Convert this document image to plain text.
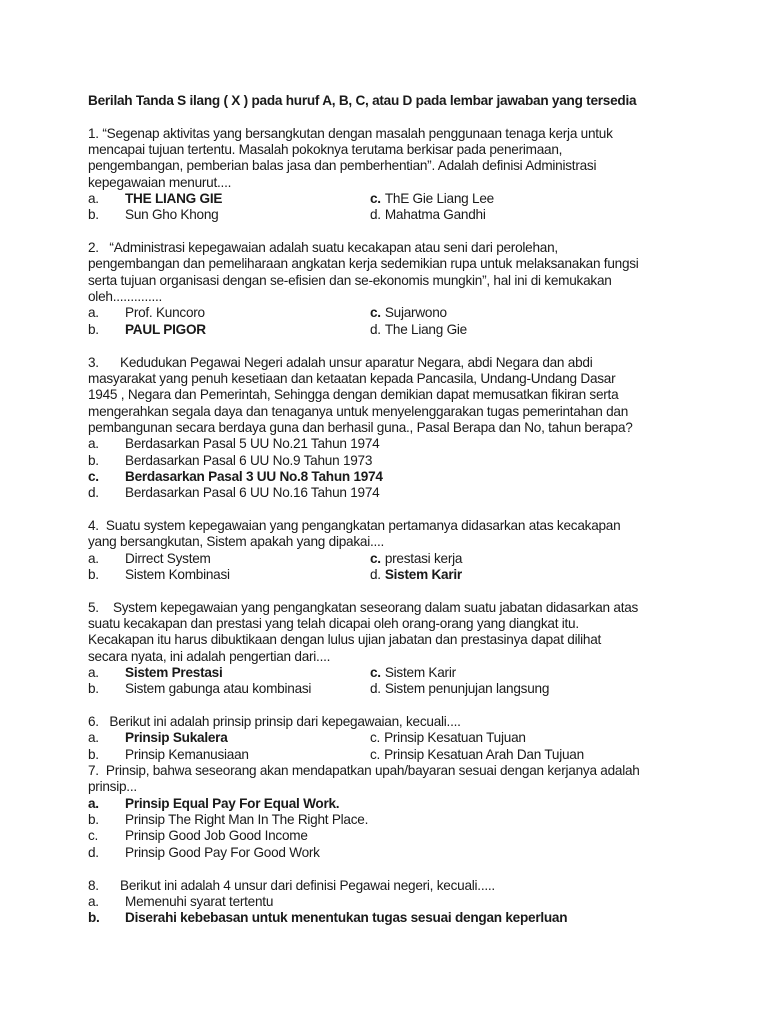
Berilah Tanda S ilang ( X ) pada huruf A, B, C, atau D pada lembar jawaban yang tersedia
1. “Segenap aktivitas yang bersangkutan dengan masalah penggunaan tenaga kerja untuk
mencapai tujuan tertentu. Masalah pokoknya terutama berkisar pada penerimaan,
pengembangan, pemberian balas jasa dan pemberhentian”. Adalah definisi Administrasi
kepegawaian menurut....
a.	THE LIANG GIE	c. ThE Gie Liang Lee
b.	Sun Gho Khong	d. Mahatma Gandhi
2.   “Administrasi kepegawaian adalah suatu kecakapan atau seni dari perolehan,
pengembangan dan pemeliharaan angkatan kerja sedemikian rupa untuk melaksanakan fungsi
serta tujuan organisasi dengan se-efisien dan se-ekonomis mungkin”, hal ini di kemukakan
oleh..............
a.	Prof. Kuncoro	c. Sujarwono
b.	PAUL PIGOR	d. The Liang Gie
3.      Kedudukan Pegawai Negeri adalah unsur aparatur Negara, abdi Negara dan abdi
masyarakat yang penuh kesetiaan dan ketaatan kepada Pancasila, Undang-Undang Dasar
1945 , Negara dan Pemerintah, Sehingga dengan demikian dapat memusatkan fikiran serta
mengerahkan segala daya dan tenaganya untuk menyelenggarakan tugas pemerintahan dan
pembangunan secara berdaya guna dan berhasil guna., Pasal Berapa dan No, tahun berapa?
a.	Berdasarkan Pasal 5 UU No.21 Tahun 1974
b.	Berdasarkan Pasal 6 UU No.9 Tahun 1973
c.	Berdasarkan Pasal 3 UU No.8 Tahun 1974
d.	Berdasarkan Pasal 6 UU No.16 Tahun 1974
4.  Suatu system kepegawaian yang pengangkatan pertamanya didasarkan atas kecakapan
yang bersangkutan, Sistem apakah yang dipakai....
a.	Dirrect System	c. prestasi kerja
b.	Sistem Kombinasi	d. Sistem Karir
5.    System kepegawaian yang pengangkatan seseorang dalam suatu jabatan didasarkan atas
suatu kecakapan dan prestasi yang telah dicapai oleh orang-orang yang diangkat itu.
Kecakapan itu harus dibuktikaan dengan lulus ujian jabatan dan prestasinya dapat dilihat
secara nyata, ini adalah pengertian dari....
a.	Sistem Prestasi	c. Sistem Karir
b.	Sistem gabunga atau kombinasi	d. Sistem penunjujan langsung
6.   Berikut ini adalah prinsip prinsip dari kepegawaian, kecuali....
a.	Prinsip Sukalera	c. Prinsip Kesatuan Tujuan
b.	Prinsip Kemanusiaan	c. Prinsip Kesatuan Arah Dan Tujuan
7.  Prinsip, bahwa seseorang akan mendapatkan upah/bayaran sesuai dengan kerjanya adalah
prinsip...
a.	Prinsip Equal Pay For Equal Work.
b.	Prinsip The Right Man In The Right Place.
c.	Prinsip Good Job Good Income
d.	Prinsip Good Pay For Good Work
8.      Berikut ini adalah 4 unsur dari definisi Pegawai negeri, kecuali.....
a.	Memenuhi syarat tertentu
b.	Diserahi kebebasan untuk menentukan tugas sesuai dengan keperluan
